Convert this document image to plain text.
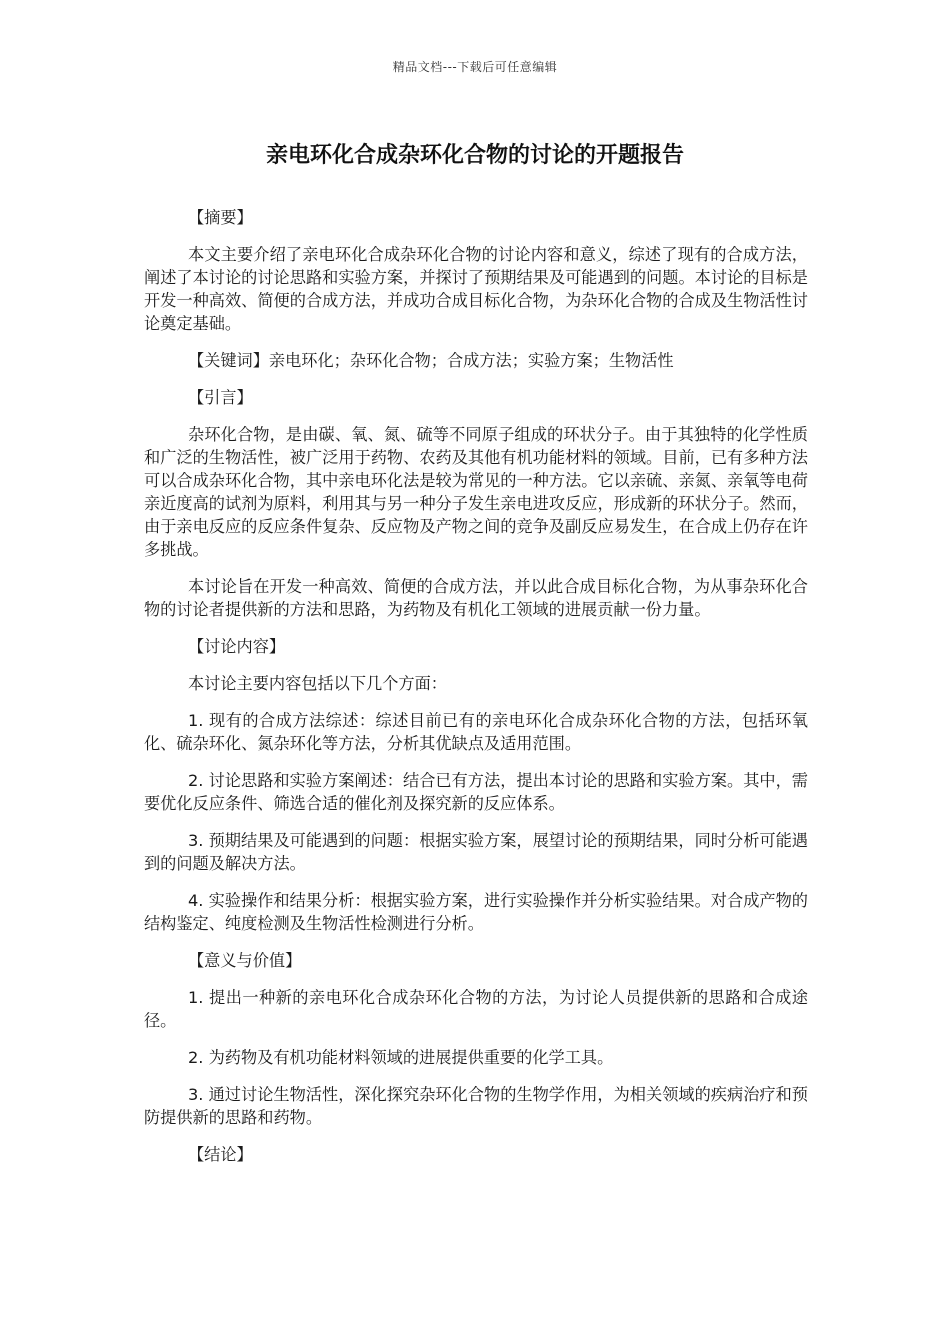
精品文档---下载后可任意编辑
亲电环化合成杂环化合物的讨论的开题报告

【摘要】

本文主要介绍了亲电环化合成杂环化合物的讨论内容和意义，综述了现有的合成方法，阐述了本讨论的讨论思路和实验方案，并探讨了预期结果及可能遇到的问题。本讨论的目标是开发一种高效、简便的合成方法，并成功合成目标化合物，为杂环化合物的合成及生物活性讨论奠定基础。

【关键词】亲电环化；杂环化合物；合成方法；实验方案；生物活性

【引言】

杂环化合物，是由碳、氧、氮、硫等不同原子组成的环状分子。由于其独特的化学性质和广泛的生物活性，被广泛用于药物、农药及其他有机功能材料的领域。目前，已有多种方法可以合成杂环化合物，其中亲电环化法是较为常见的一种方法。它以亲硫、亲氮、亲氧等电荷亲近度高的试剂为原料，利用其与另一种分子发生亲电进攻反应，形成新的环状分子。然而，由于亲电反应的反应条件复杂、反应物及产物之间的竞争及副反应易发生，在合成上仍存在许多挑战。

本讨论旨在开发一种高效、简便的合成方法，并以此合成目标化合物，为从事杂环化合物的讨论者提供新的方法和思路，为药物及有机化工领域的进展贡献一份力量。

【讨论内容】

本讨论主要内容包括以下几个方面：

1. 现有的合成方法综述：综述目前已有的亲电环化合成杂环化合物的方法，包括环氧化、硫杂环化、氮杂环化等方法，分析其优缺点及适用范围。

2. 讨论思路和实验方案阐述：结合已有方法，提出本讨论的思路和实验方案。其中，需要优化反应条件、筛选合适的催化剂及探究新的反应体系。

3. 预期结果及可能遇到的问题：根据实验方案，展望讨论的预期结果，同时分析可能遇到的问题及解决方法。

4. 实验操作和结果分析：根据实验方案，进行实验操作并分析实验结果。对合成产物的结构鉴定、纯度检测及生物活性检测进行分析。

【意义与价值】

1. 提出一种新的亲电环化合成杂环化合物的方法，为讨论人员提供新的思路和合成途径。

2. 为药物及有机功能材料领域的进展提供重要的化学工具。

3. 通过讨论生物活性，深化探究杂环化合物的生物学作用，为相关领域的疾病治疗和预防提供新的思路和药物。

【结论】
